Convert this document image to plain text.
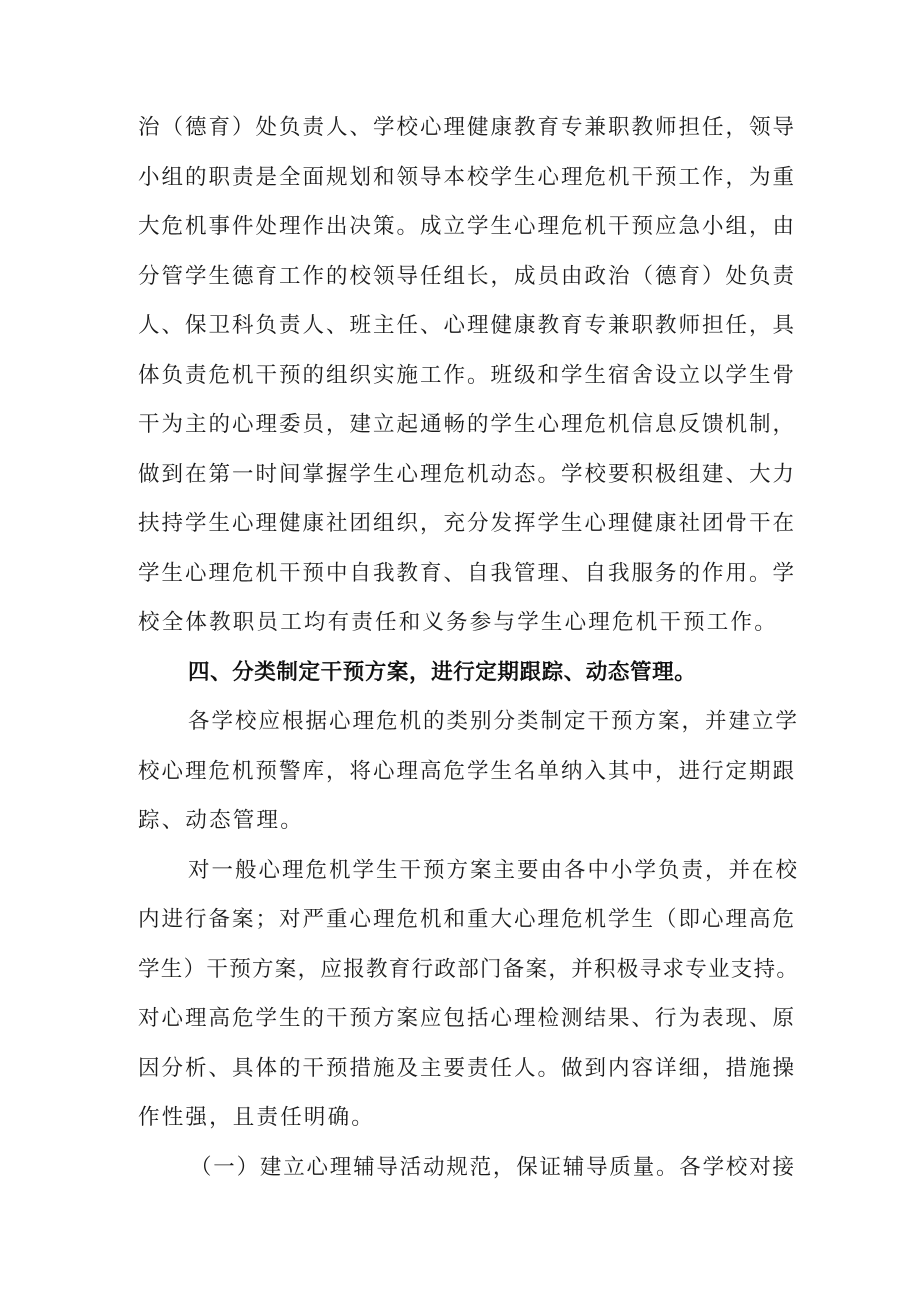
治（德育）处负责人、学校心理健康教育专兼职教师担任，领导

小组的职责是全面规划和领导本校学生心理危机干预工作，为重

大危机事件处理作出决策。成立学生心理危机干预应急小组，由

分管学生德育工作的校领导任组长，成员由政治（德育）处负责

人、保卫科负责人、班主任、心理健康教育专兼职教师担任，具

体负责危机干预的组织实施工作。班级和学生宿舍设立以学生骨

干为主的心理委员，建立起通畅的学生心理危机信息反馈机制，

做到在第一时间掌握学生心理危机动态。学校要积极组建、大力

扶持学生心理健康社团组织，充分发挥学生心理健康社团骨干在

学生心理危机干预中自我教育、自我管理、自我服务的作用。学

校全体教职员工均有责任和义务参与学生心理危机干预工作。

四、分类制定干预方案，进行定期跟踪、动态管理。

各学校应根据心理危机的类别分类制定干预方案，并建立学

校心理危机预警库，将心理高危学生名单纳入其中，进行定期跟

踪、动态管理。

对一般心理危机学生干预方案主要由各中小学负责，并在校

内进行备案；对严重心理危机和重大心理危机学生（即心理高危

学生）干预方案，应报教育行政部门备案，并积极寻求专业支持。

对心理高危学生的干预方案应包括心理检测结果、行为表现、原

因分析、具体的干预措施及主要责任人。做到内容详细，措施操

作性强，且责任明确。

（一）建立心理辅导活动规范，保证辅导质量。各学校对接
